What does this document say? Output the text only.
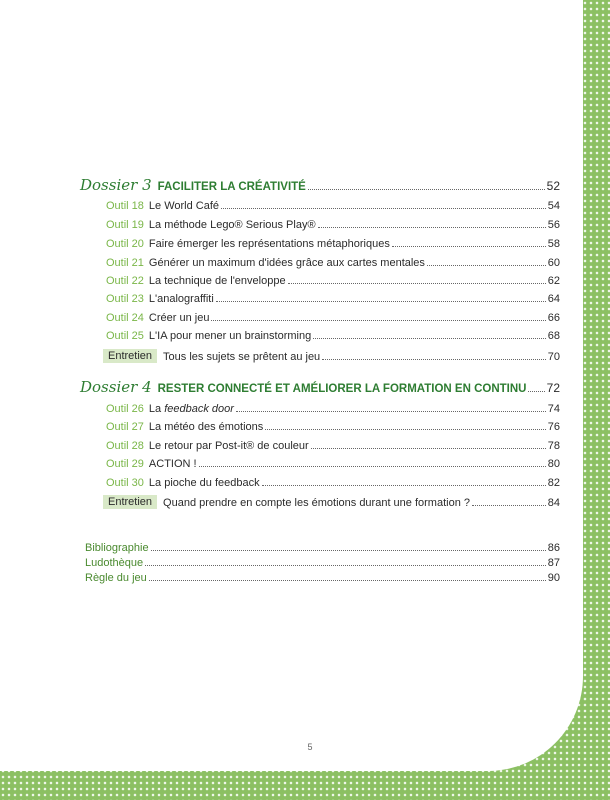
Dossier 3 FACILITER LA CRÉATIVITÉ	52
Outil 18 Le World Café	54
Outil 19 La méthode Lego® Serious Play®	56
Outil 20 Faire émerger les représentations métaphoriques	58
Outil 21 Générer un maximum d'idées grâce aux cartes mentales	60
Outil 22 La technique de l'enveloppe	62
Outil 23 L'analograffiti	64
Outil 24 Créer un jeu	66
Outil 25 L'IA pour mener un brainstorming	68
Entretien	Tous les sujets se prêtent au jeu	70
Dossier 4 RESTER CONNECTÉ ET AMÉLIORER LA FORMATION EN CONTINU 72
Outil 26 La feedback door	74
Outil 27 La météo des émotions	76
Outil 28 Le retour par Post-it® de couleur	78
Outil 29 ACTION !	80
Outil 30 La pioche du feedback	82
Entretien	Quand prendre en compte les émotions durant une formation ?	84
Bibliographie	86
Ludothèque	87
Règle du jeu	90
5
